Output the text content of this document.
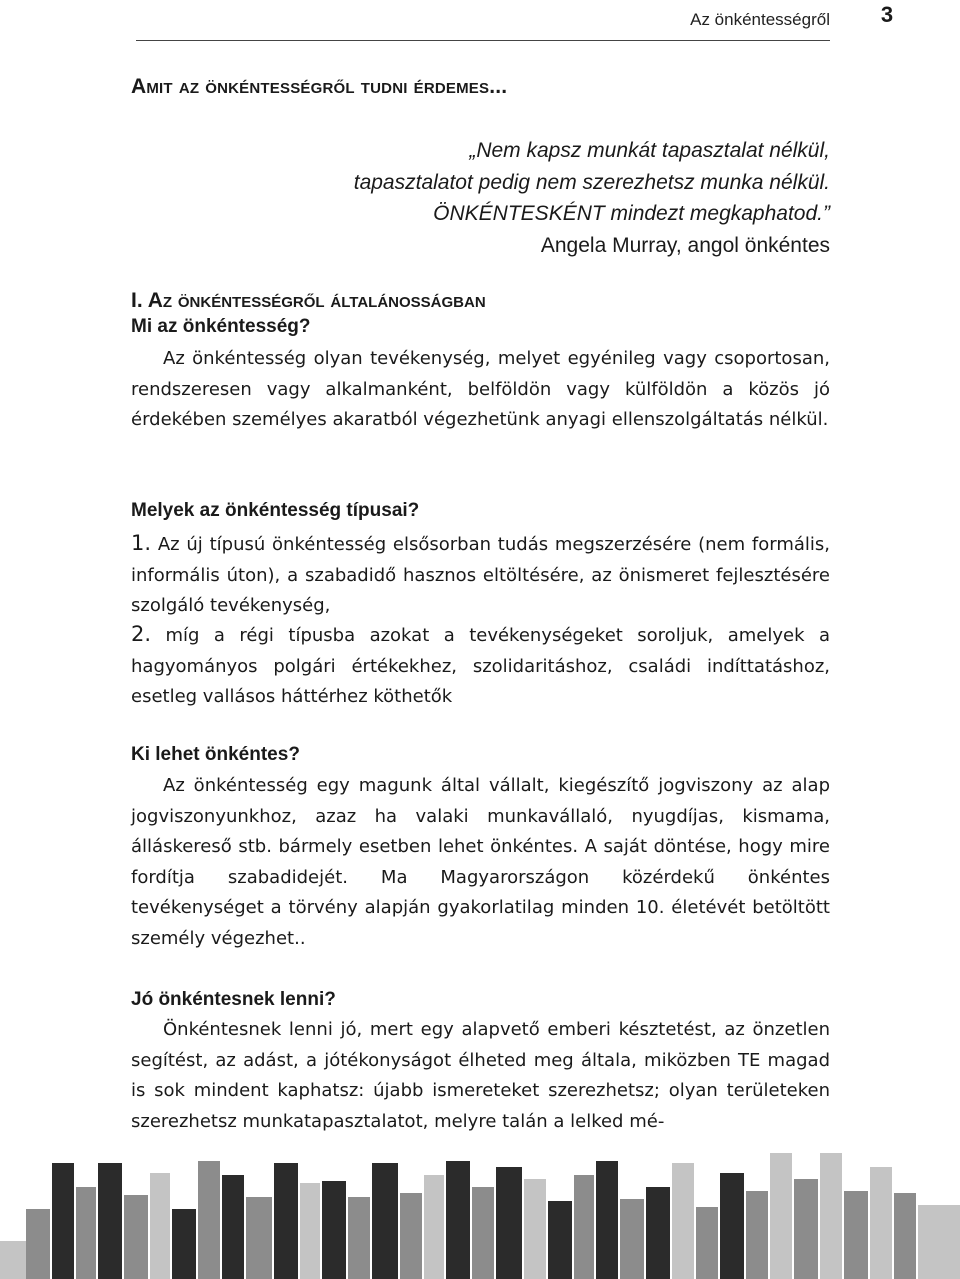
Az önkéntességről	3
Amit az önkéntességről tudni érdemes...
„Nem kapsz munkát tapasztalat nélkül,
tapasztalatot pedig nem szerezhetsz munka nélkül.
ÖNKÉNTESKÉNT mindezt megkaphatod.”
Angela Murray, angol önkéntes
I. Az önkéntességről általánosságban
Mi az önkéntesség?

Az önkéntesség olyan tevékenység, melyet egyénileg vagy csoportosan, rendszeresen vagy alkalmanként, belföldön vagy külföldön a közös jó érdekében személyes akaratból végezhetünk anyagi ellenszolgáltatás nélkül.

Melyek az önkéntesség típusai?

1. Az új típusú önkéntesség elsősorban tudás megszerzésére (nem formális, informális úton), a szabadidő hasznos eltöltésére, az önismeret fejlesztésére szolgáló tevékenység,

2. míg a régi típusba azokat a tevékenységeket soroljuk, amelyek a hagyományos polgári értékekhez, szolidaritáshoz, családi indíttatáshoz, esetleg vallásos háttérhez köthetők

Ki lehet önkéntes?

Az önkéntesség egy magunk által vállalt, kiegészítő jogviszony az alap jogviszonyunkhoz, azaz ha valaki munkavállaló, nyugdíjas, kismama, álláskereső stb. bármely esetben lehet önkéntes. A saját döntése, hogy mire fordítja szabadidejét. Ma Magyarországon közérdekű önkéntes tevékenységet a törvény alapján gyakorlatilag minden 10. életévét betöltött személy végezhet..

Jó önkéntesnek lenni?

Önkéntesnek lenni jó, mert egy alapvető emberi késztetést, az önzetlen segítést, az adást, a jótékonyságot élheted meg általa, miközben TE magad is sok mindent kaphatsz: újabb ismereteket szerezhetsz; olyan területeken szerezhetsz munkatapasztalatot, melyre talán a lelked mé-
